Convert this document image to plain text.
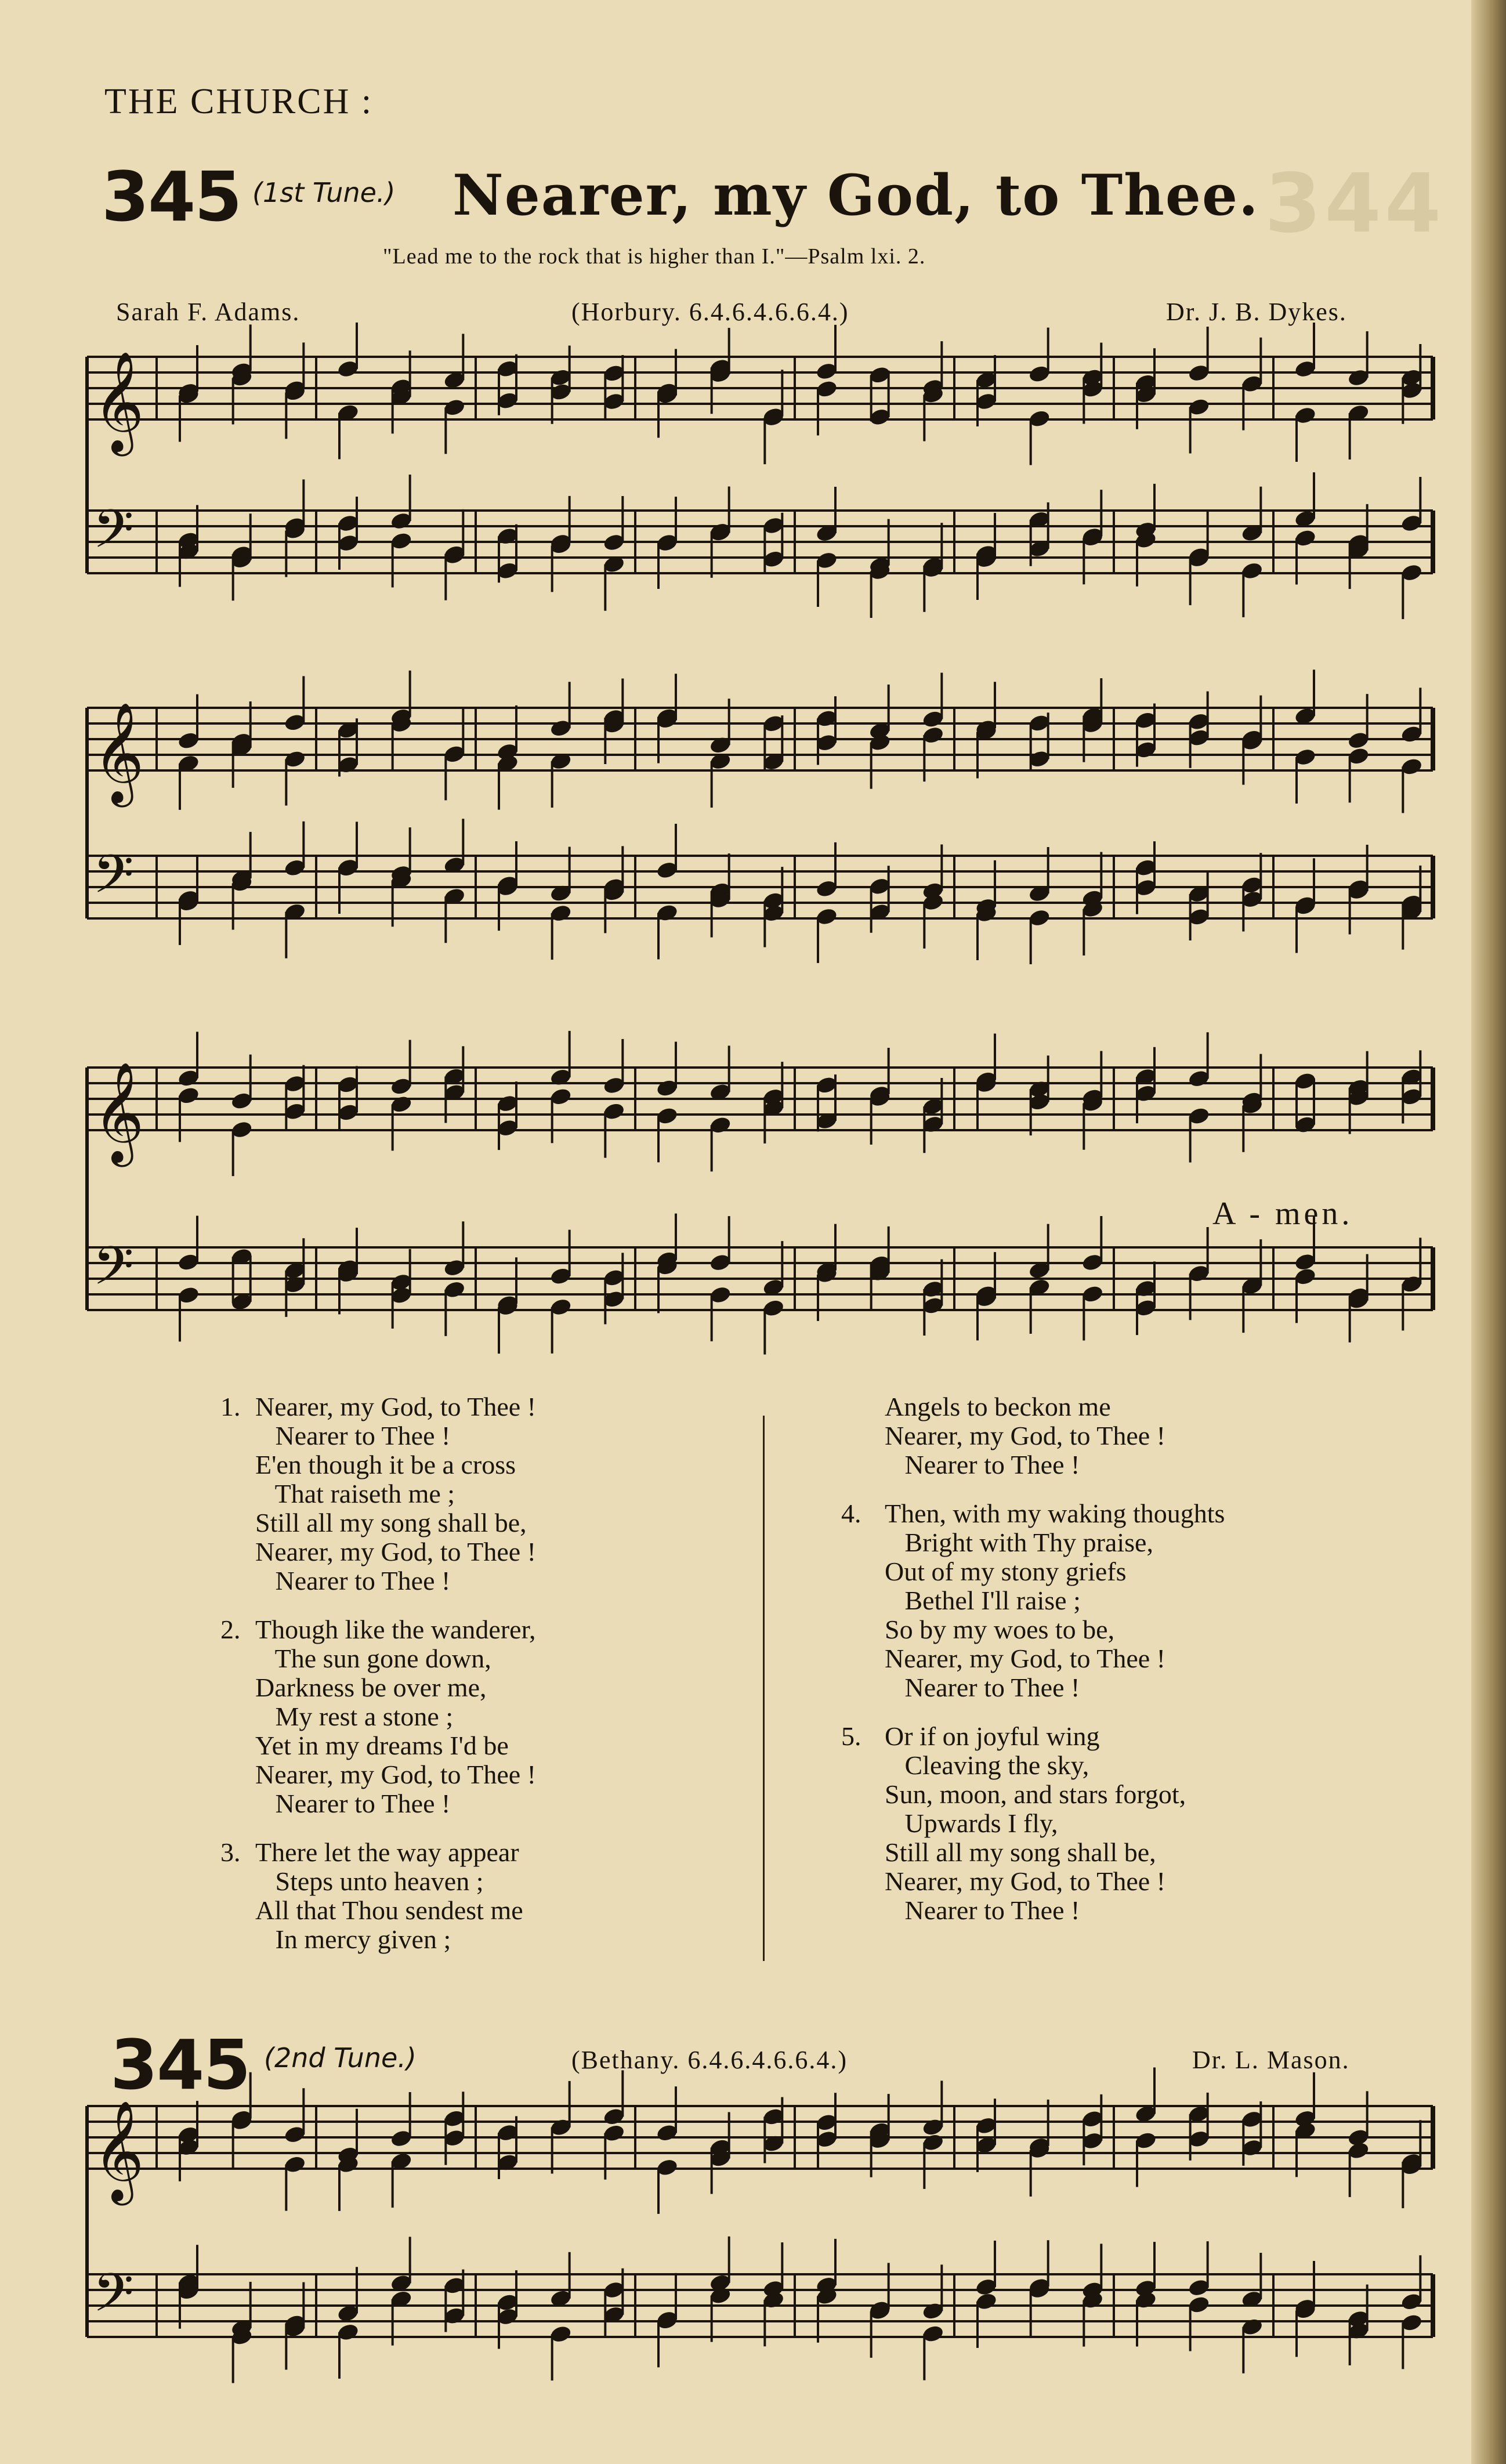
344
THE CHURCH :
345 (1st Tune.) Nearer, my God, to Thee.
"Lead me to the rock that is higher than I."—Psalm lxi. 2.
Sarah F. Adams.	(Horbury. 6.4.6.4.6.6.4.)	Dr. J. B. Dykes.
𝄞
𝄢
𝄞
𝄢
𝄞
𝄢
𝄞
𝄢
A - men.
1. Nearer, my God, to Thee !
Nearer to Thee !
E'en though it be a cross
That raiseth me ;
Still all my song shall be,
Nearer, my God, to Thee !
Nearer to Thee !
2. Though like the wanderer,
The sun gone down,
Darkness be over me,
My rest a stone ;
Yet in my dreams I'd be
Nearer, my God, to Thee !
Nearer to Thee !
3. There let the way appear
Steps unto heaven ;
All that Thou sendest me
In mercy given ;
Angels to beckon me
Nearer, my God, to Thee !
Nearer to Thee !
4. Then, with my waking thoughts
Bright with Thy praise,
Out of my stony griefs
Bethel I'll raise ;
So by my woes to be,
Nearer, my God, to Thee !
Nearer to Thee !
5. Or if on joyful wing
Cleaving the sky,
Sun, moon, and stars forgot,
Upwards I fly,
Still all my song shall be,
Nearer, my God, to Thee !
Nearer to Thee !
345 (2nd Tune.)	(Bethany. 6.4.6.4.6.6.4.)	Dr. L. Mason.
